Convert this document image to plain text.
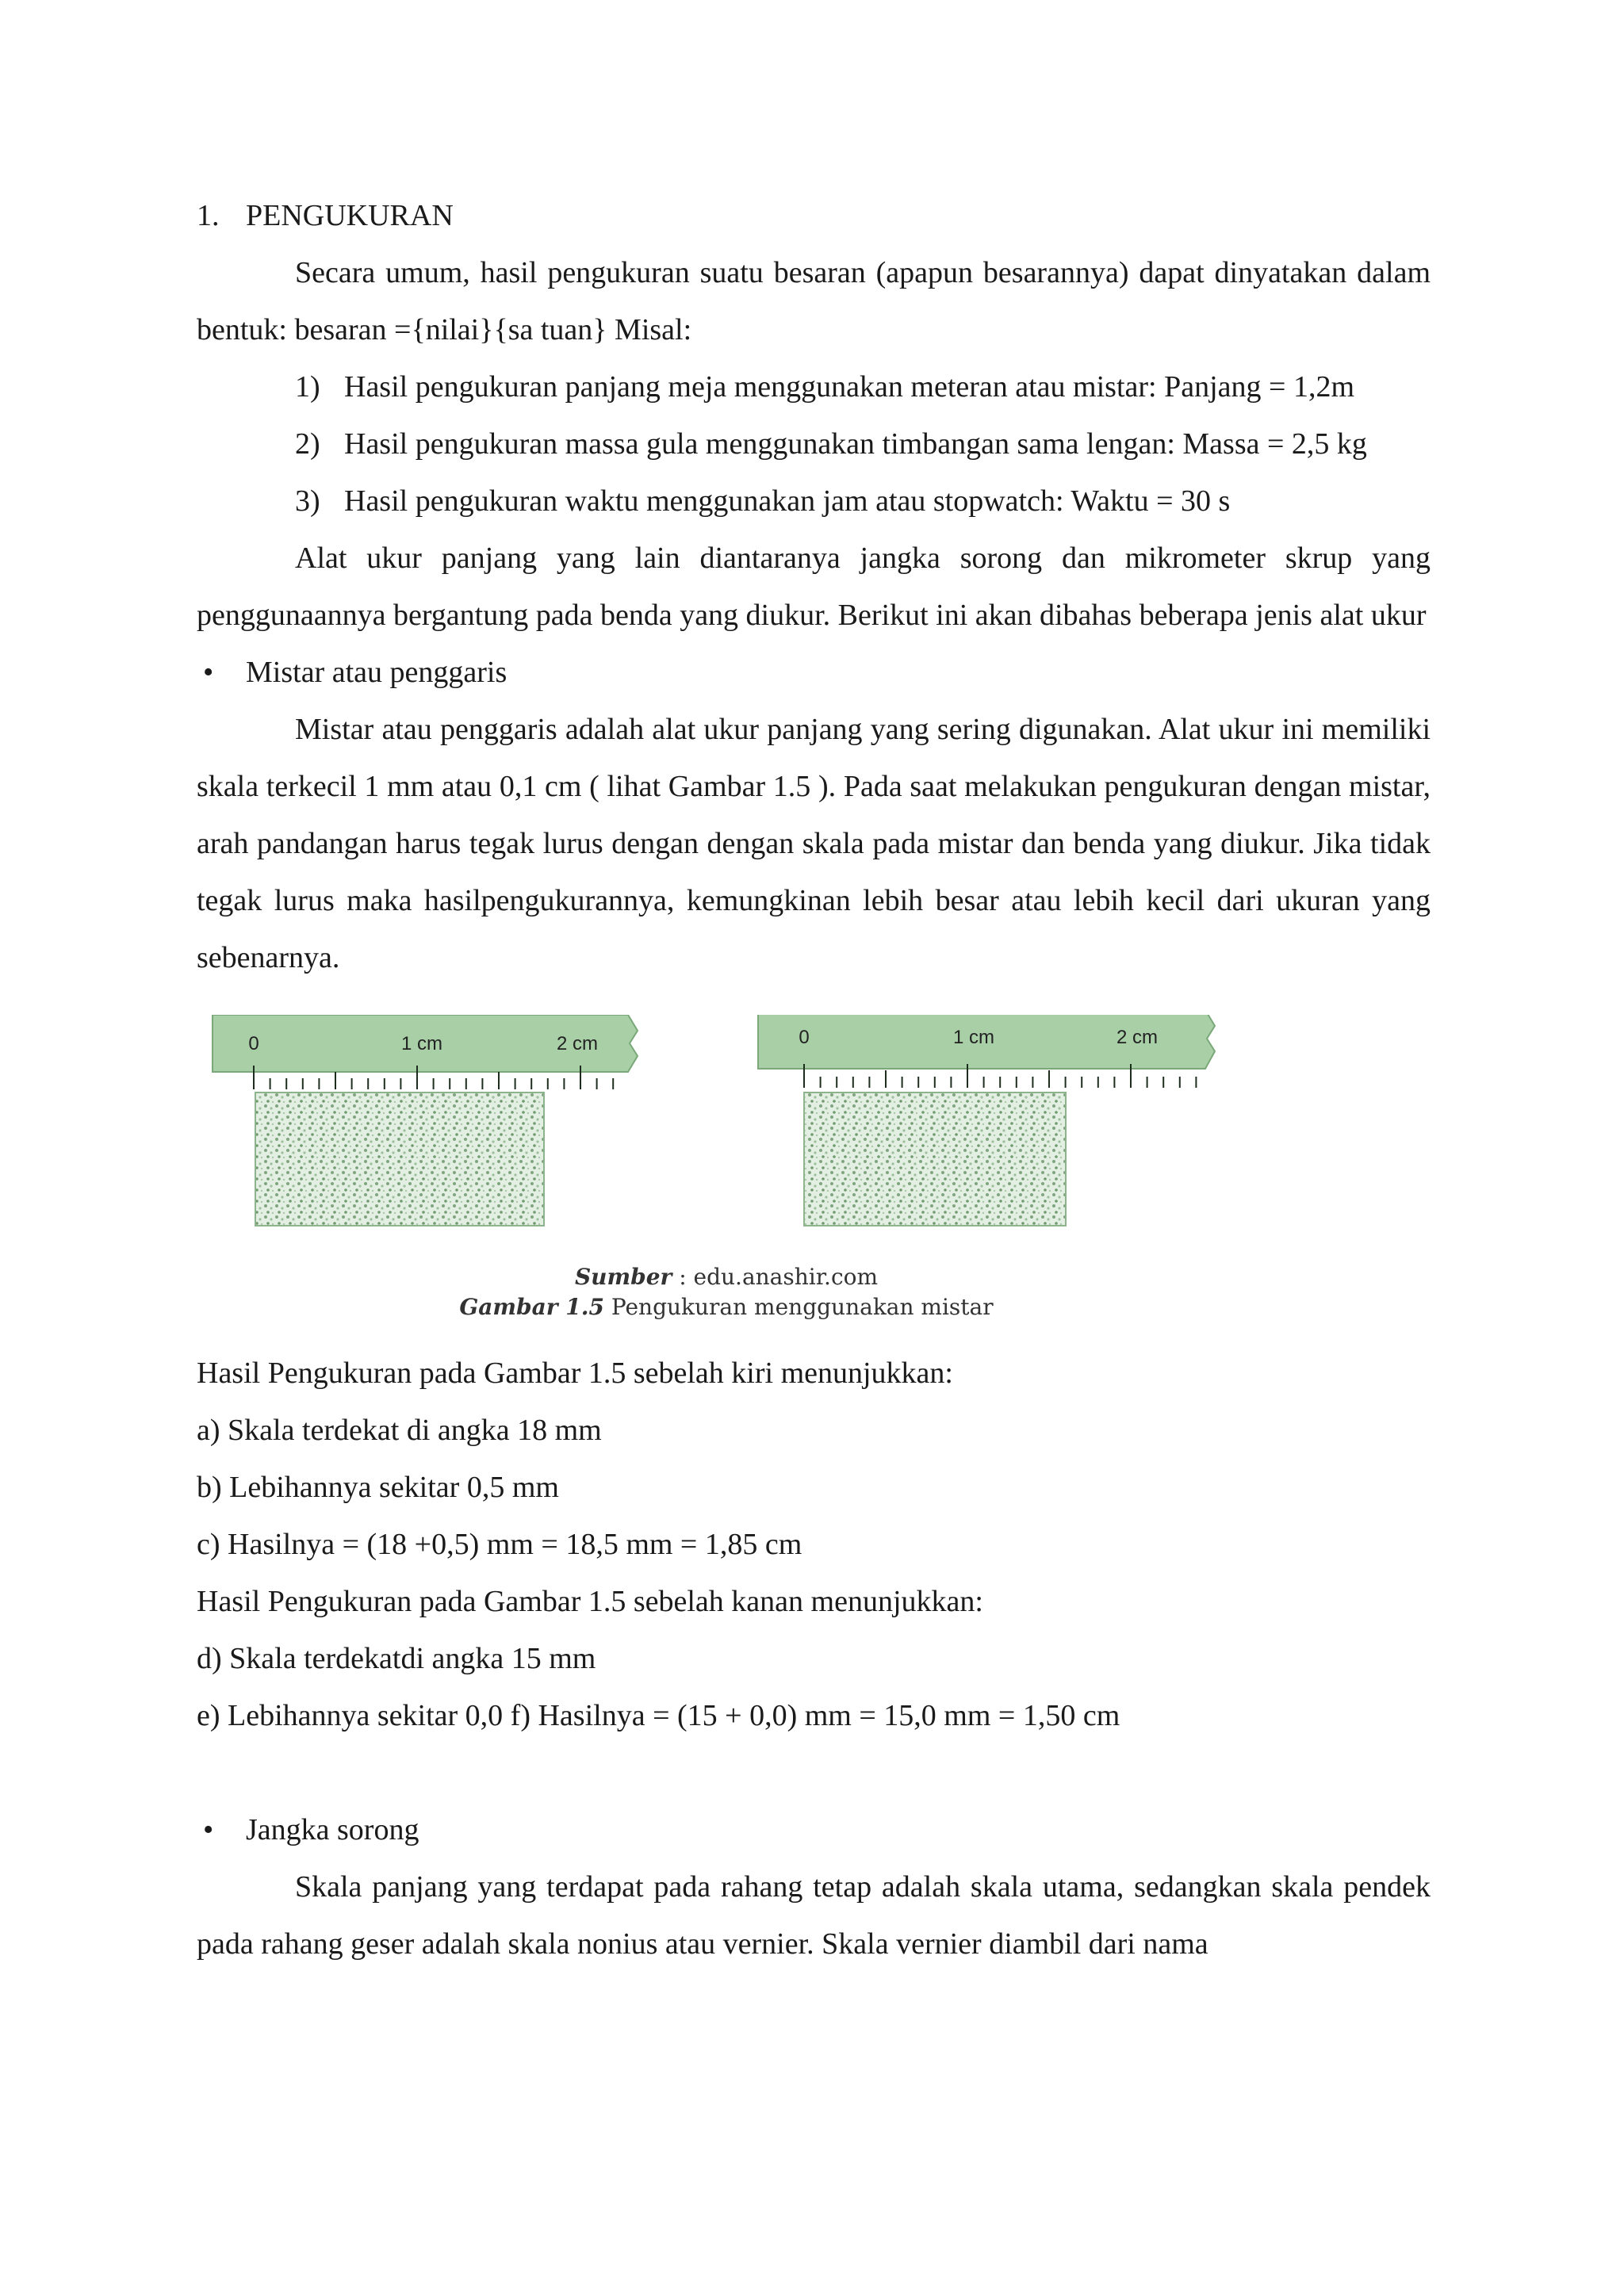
1. PENGUKURAN
Secara umum, hasil pengukuran suatu besaran (apapun besarannya) dapat dinyatakan dalam bentuk: besaran ={nilai}{sa tuan} Misal:
1) Hasil pengukuran panjang meja menggunakan meteran atau mistar: Panjang = 1,2m
2) Hasil pengukuran massa gula menggunakan timbangan sama lengan: Massa = 2,5 kg
3) Hasil pengukuran waktu menggunakan jam atau stopwatch: Waktu = 30 s
Alat ukur panjang yang lain diantaranya jangka sorong dan mikrometer skrup yang penggunaannya bergantung pada benda yang diukur. Berikut ini akan dibahas beberapa jenis alat ukur
•	Mistar atau penggaris
Mistar atau penggaris adalah alat ukur panjang yang sering digunakan. Alat ukur ini memiliki skala terkecil 1 mm atau 0,1 cm ( lihat Gambar 1.5 ). Pada saat melakukan pengukuran dengan mistar, arah pandangan harus tegak lurus dengan dengan skala pada mistar dan benda yang diukur. Jika tidak tegak lurus maka hasilpengukurannya, kemungkinan lebih besar atau lebih kecil dari ukuran yang sebenarnya.
0	1 cm	2 cm	0	1 cm	2 cm
Sumber : edu.anashir.com
Gambar 1.5 Pengukuran menggunakan mistar
Hasil Pengukuran pada Gambar 1.5 sebelah kiri menunjukkan:
a) Skala terdekat di angka 18 mm
b) Lebihannya sekitar 0,5 mm
c) Hasilnya = (18 +0,5) mm = 18,5 mm = 1,85 cm
Hasil Pengukuran pada Gambar 1.5 sebelah kanan menunjukkan:
d) Skala terdekatdi angka 15 mm
e) Lebihannya sekitar 0,0 f) Hasilnya = (15 + 0,0) mm = 15,0 mm = 1,50 cm
•	Jangka sorong
Skala panjang yang terdapat pada rahang tetap adalah skala utama, sedangkan skala pendek pada rahang geser adalah skala nonius atau vernier. Skala vernier diambil dari nama
